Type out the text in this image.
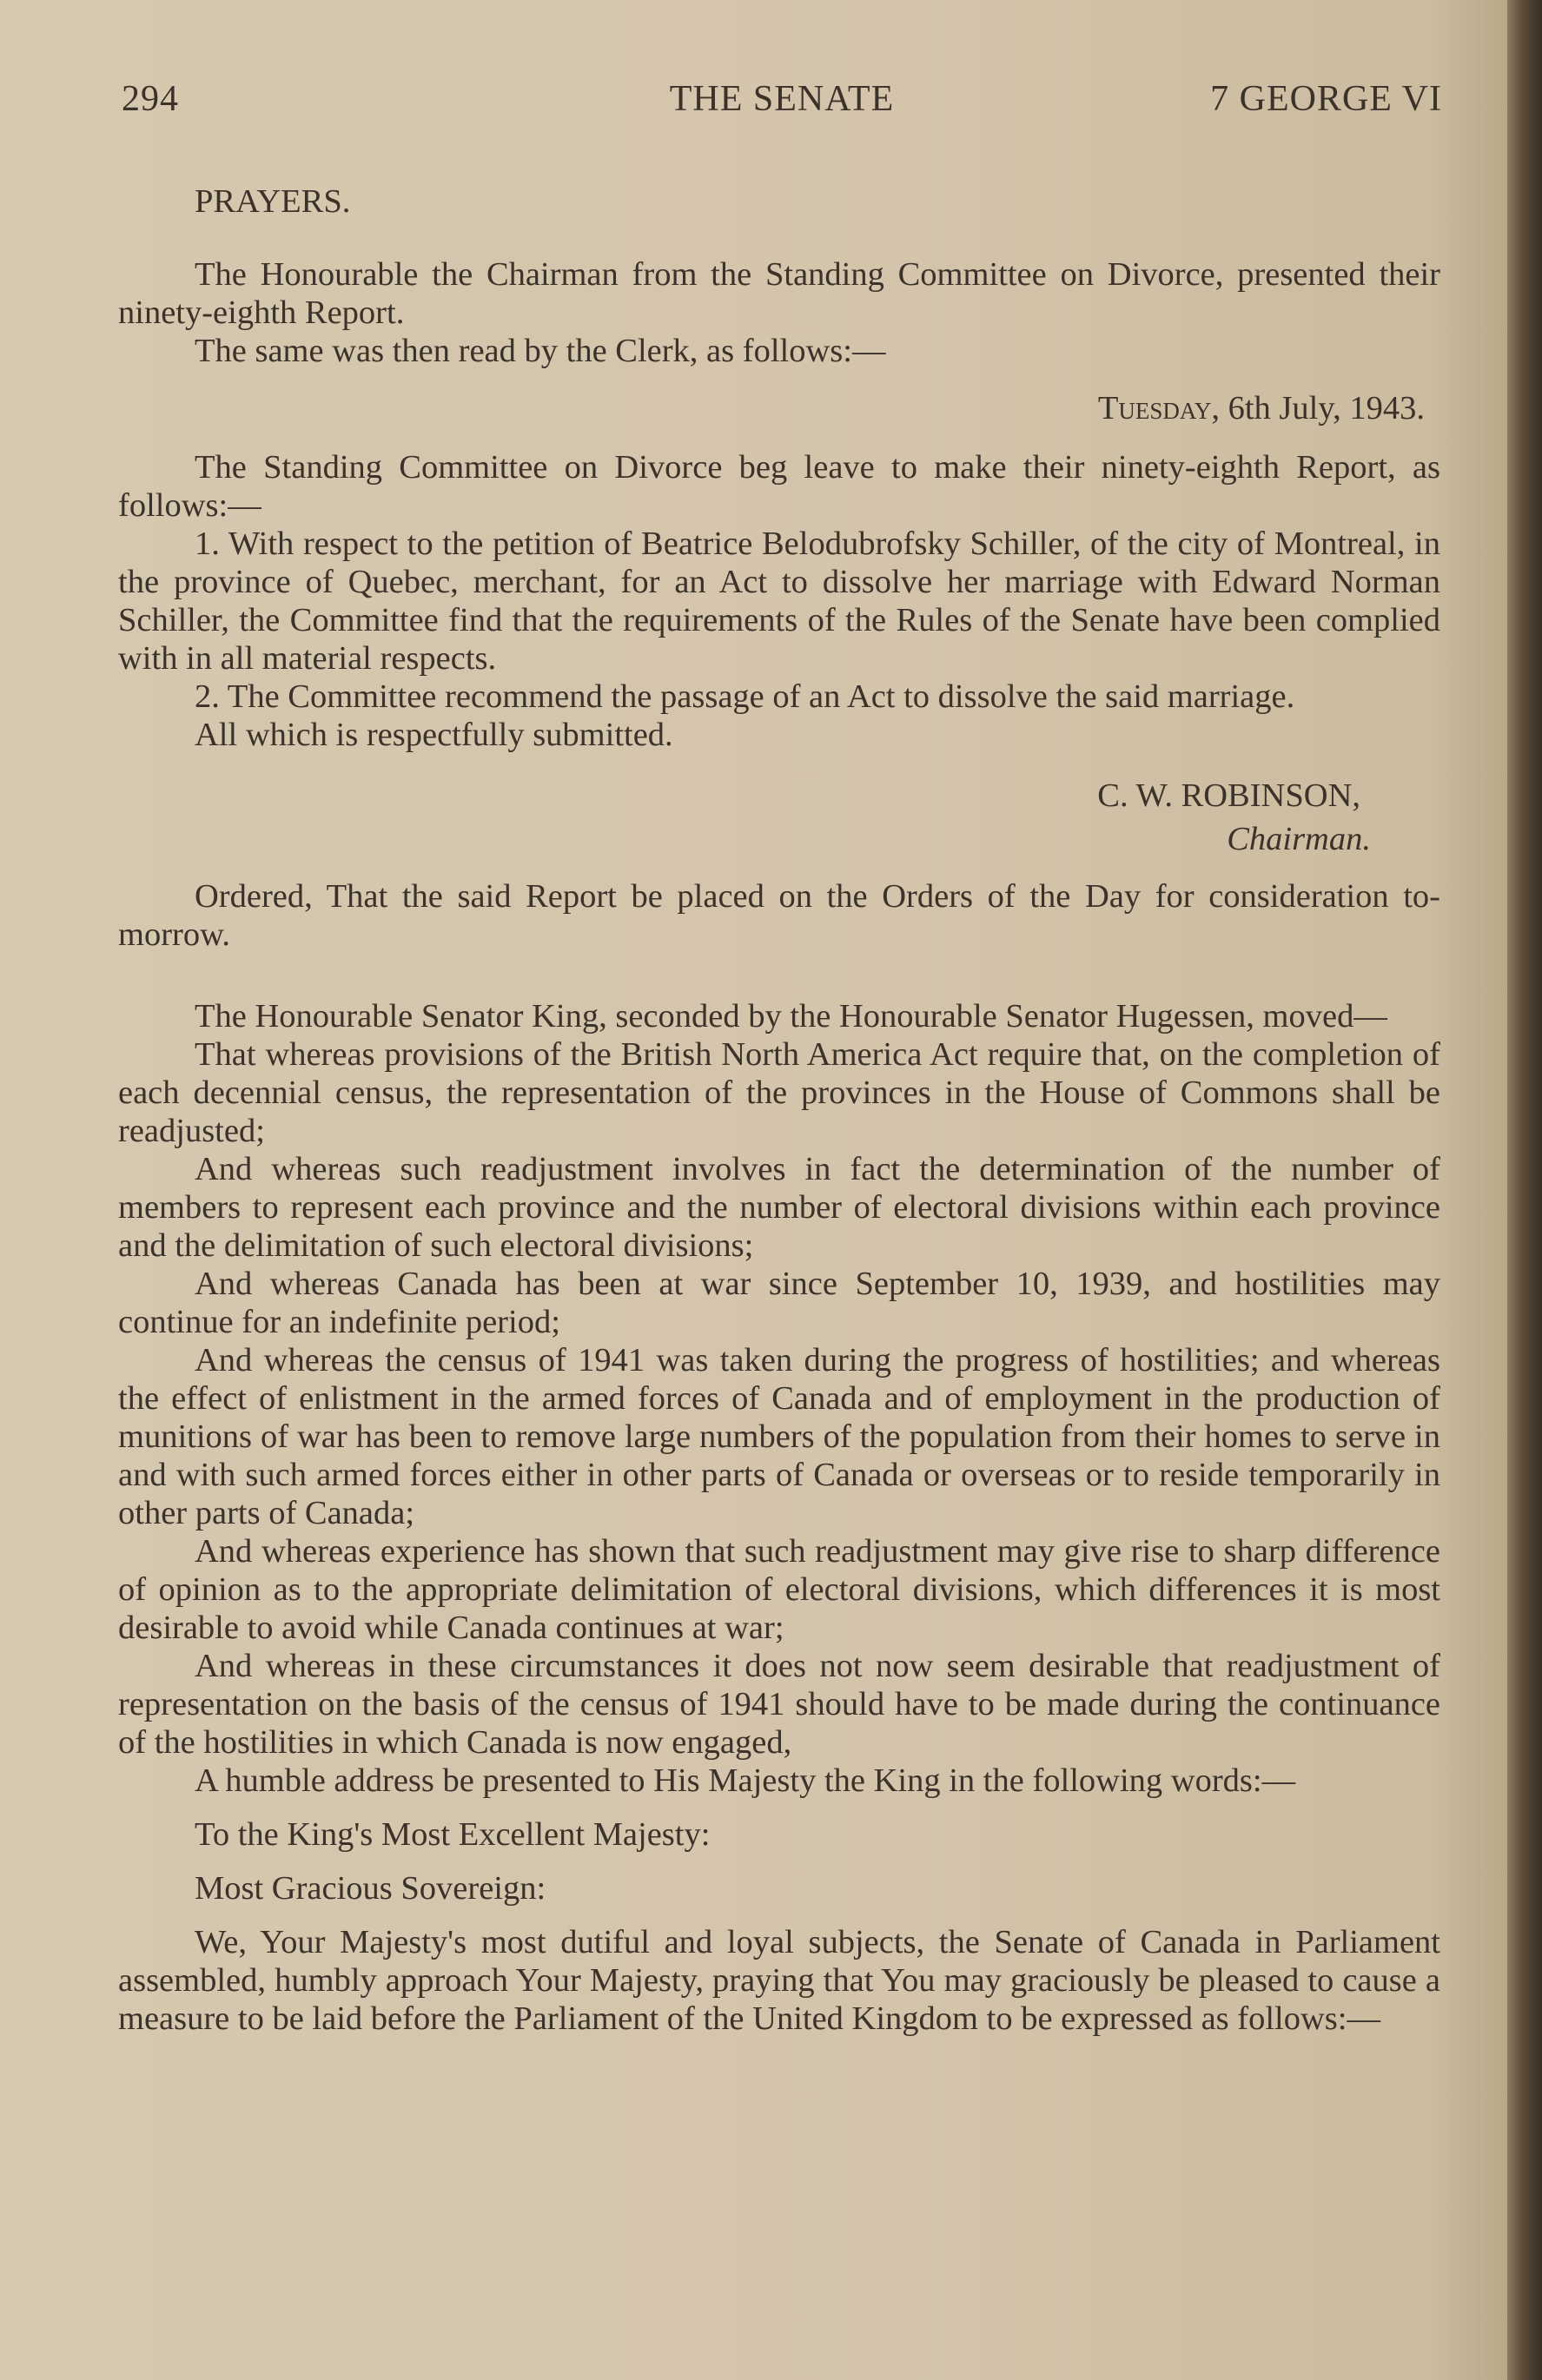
294	THE SENATE	7 GEORGE VI

PRAYERS.

The Honourable the Chairman from the Standing Committee on Divorce, presented their ninety-eighth Report.

The same was then read by the Clerk, as follows:—

Tuesday, 6th July, 1943.

The Standing Committee on Divorce beg leave to make their ninety-eighth Report, as follows:—

1. With respect to the petition of Beatrice Belodubrofsky Schiller, of the city of Montreal, in the province of Quebec, merchant, for an Act to dissolve her marriage with Edward Norman Schiller, the Committee find that the requirements of the Rules of the Senate have been complied with in all material respects.

2. The Committee recommend the passage of an Act to dissolve the said marriage.

All which is respectfully submitted.

C. W. ROBINSON,

Chairman.

Ordered, That the said Report be placed on the Orders of the Day for consideration to-morrow.

The Honourable Senator King, seconded by the Honourable Senator Hugessen, moved—

That whereas provisions of the British North America Act require that, on the completion of each decennial census, the representation of the provinces in the House of Commons shall be readjusted;

And whereas such readjustment involves in fact the determination of the number of members to represent each province and the number of electoral divisions within each province and the delimitation of such electoral divisions;

And whereas Canada has been at war since September 10, 1939, and hostilities may continue for an indefinite period;

And whereas the census of 1941 was taken during the progress of hostilities; and whereas the effect of enlistment in the armed forces of Canada and of employment in the production of munitions of war has been to remove large numbers of the population from their homes to serve in and with such armed forces either in other parts of Canada or overseas or to reside temporarily in other parts of Canada;

And whereas experience has shown that such readjustment may give rise to sharp difference of opinion as to the appropriate delimitation of electoral divisions, which differences it is most desirable to avoid while Canada continues at war;

And whereas in these circumstances it does not now seem desirable that readjustment of representation on the basis of the census of 1941 should have to be made during the continuance of the hostilities in which Canada is now engaged,

A humble address be presented to His Majesty the King in the following words:—

To the King's Most Excellent Majesty:

Most Gracious Sovereign:

We, Your Majesty's most dutiful and loyal subjects, the Senate of Canada in Parliament assembled, humbly approach Your Majesty, praying that You may graciously be pleased to cause a measure to be laid before the Parliament of the United Kingdom to be expressed as follows:—
